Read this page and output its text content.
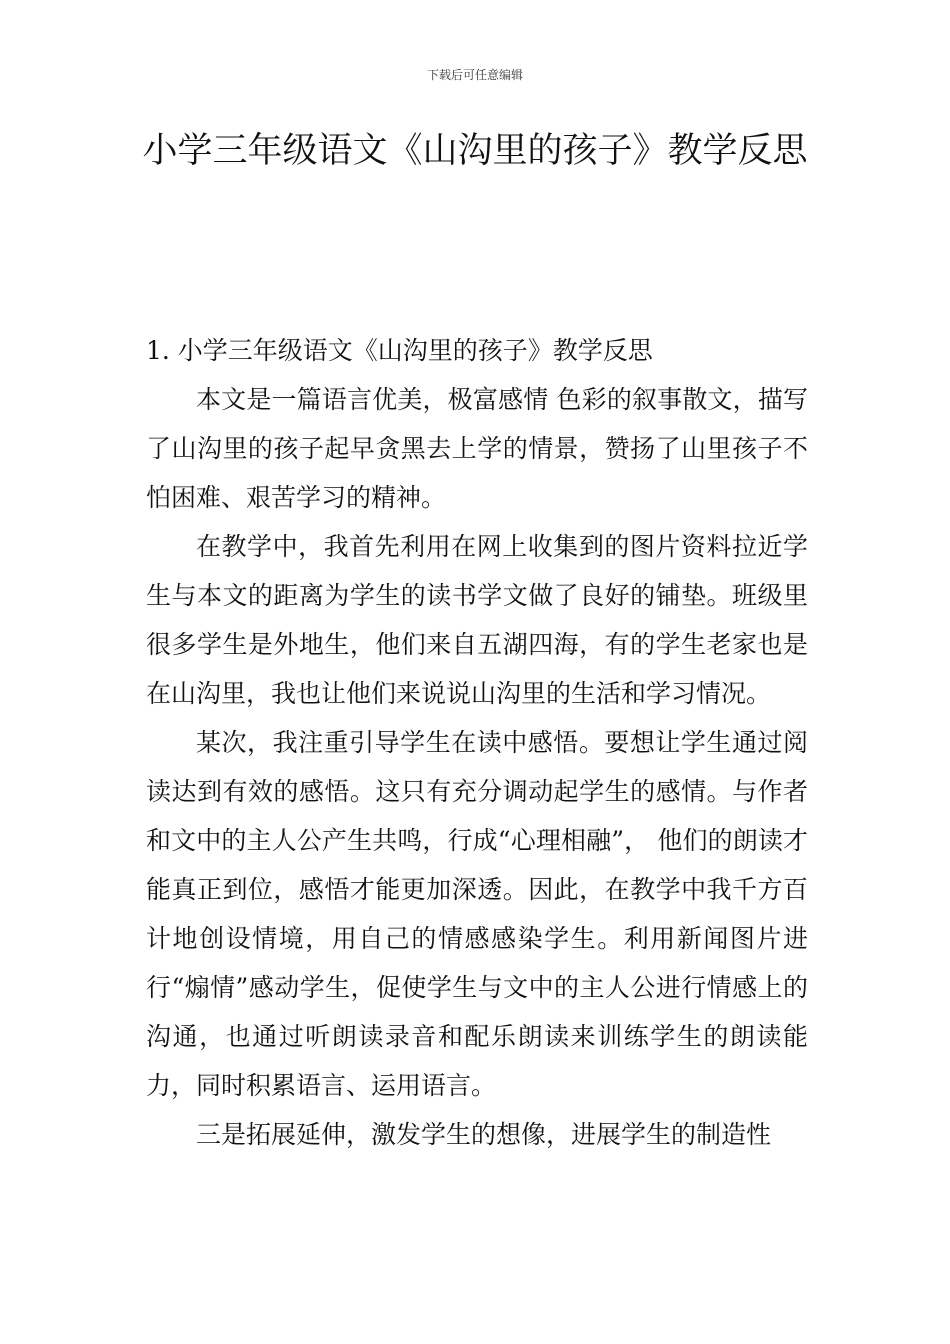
下载后可任意编辑
小学三年级语文《山沟里的孩子》教学反思

1. 小学三年级语文《山沟里的孩子》教学反思

本文是一篇语言优美，极富感情 色彩的叙事散文，描写了山沟里的孩子起早贪黑去上学的情景，赞扬了山里孩子不怕困难、艰苦学习的精神。

在教学中，我首先利用在网上收集到的图片资料拉近学生与本文的距离为学生的读书学文做了良好的铺垫。班级里很多学生是外地生，他们来自五湖四海，有的学生老家也是在山沟里，我也让他们来说说山沟里的生活和学习情况。

某次，我注重引导学生在读中感悟。要想让学生通过阅读达到有效的感悟。这只有充分调动起学生的感情。与作者和文中的主人公产生共鸣，行成“心理相融”， 他们的朗读才能真正到位，感悟才能更加深透。因此，在教学中我千方百计地创设情境，用自己的情感感染学生。利用新闻图片进行“煽情”感动学生，促使学生与文中的主人公进行情感上的沟通，也通过听朗读录音和配乐朗读来训练学生的朗读能力，同时积累语言、运用语言。

三是拓展延伸，激发学生的想像，进展学生的制造性
